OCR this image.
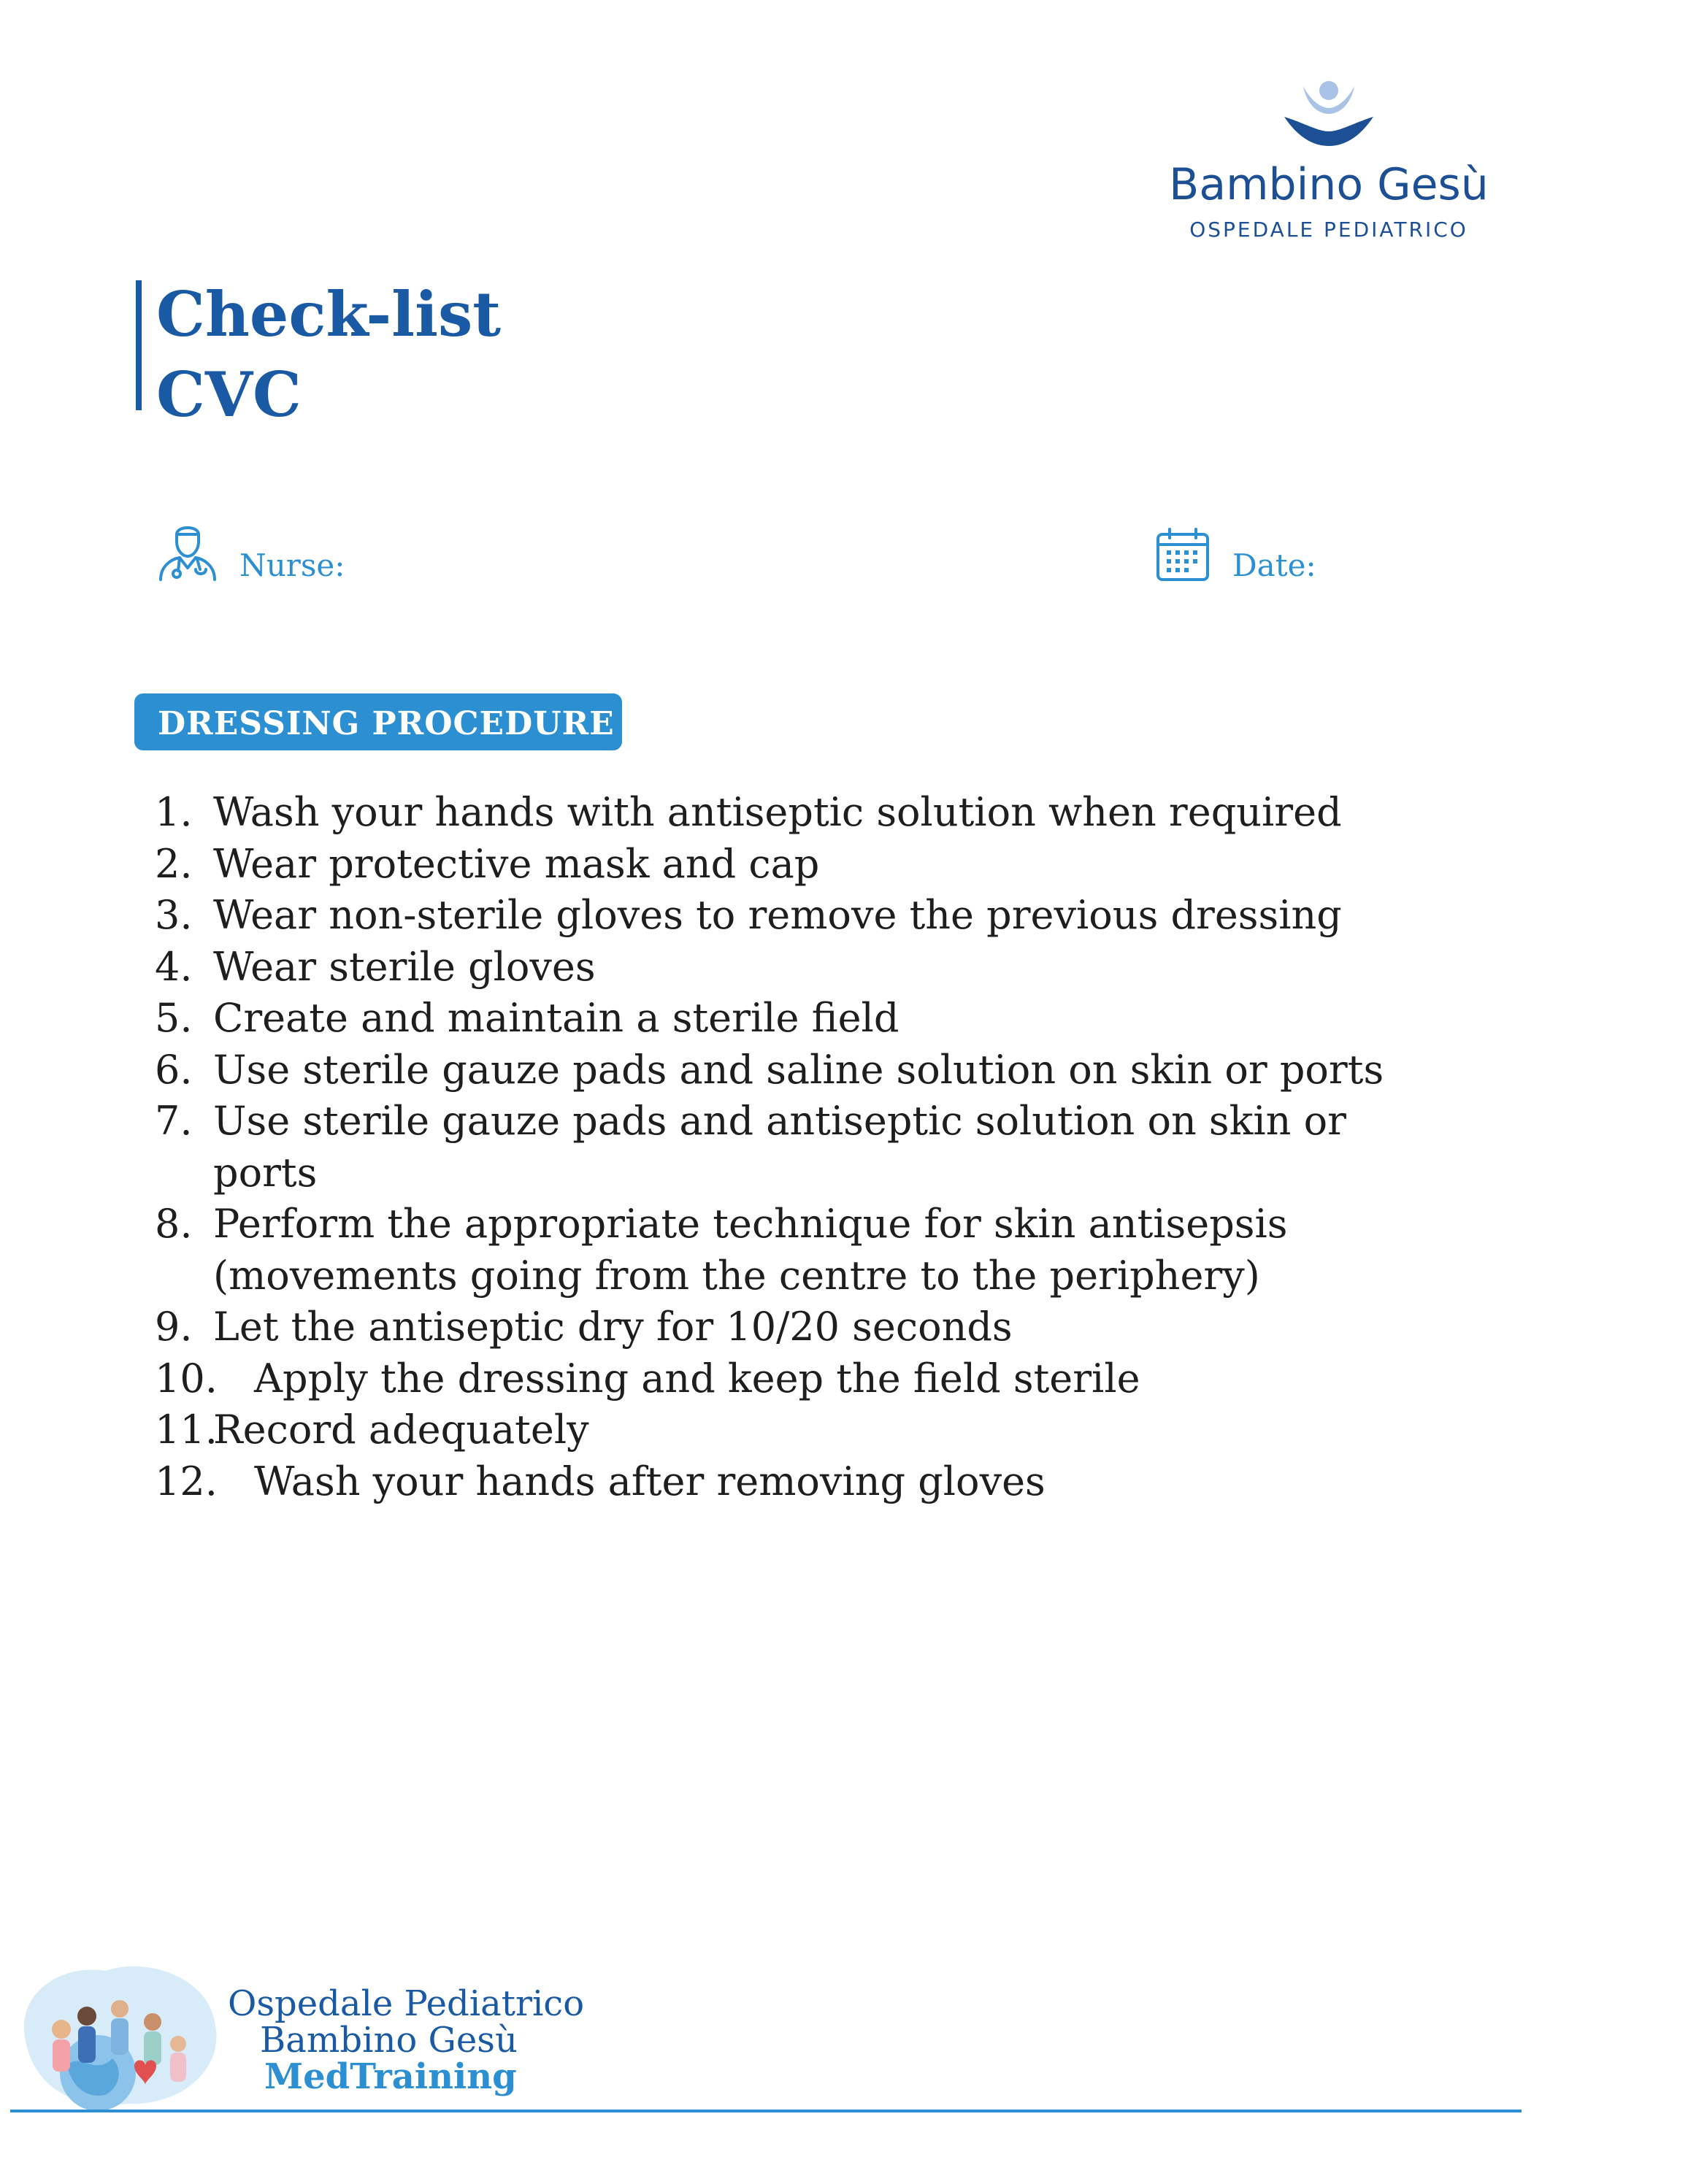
Bambino Gesù
OSPEDALE PEDIATRICO
Check-list
CVC
Nurse:	Date:
DRESSING PROCEDURE
1. Wash your hands with antiseptic solution when required
2. Wear protective mask and cap
3. Wear non-sterile gloves to remove the previous dressing
4. Wear sterile gloves
5. Create and maintain a sterile field
6. Use sterile gauze pads and saline solution on skin or ports
7. Use sterile gauze pads and antiseptic solution on skin or ports
8. Perform the appropriate technique for skin antisepsis (movements going from the centre to the periphery)
9. Let the antiseptic dry for 10/20 seconds
10. Apply the dressing and keep the field sterile
11.
Record adequately
12. Wash your hands after removing gloves
Ospedale Pediatrico
Bambino Gesù
MedTraining
